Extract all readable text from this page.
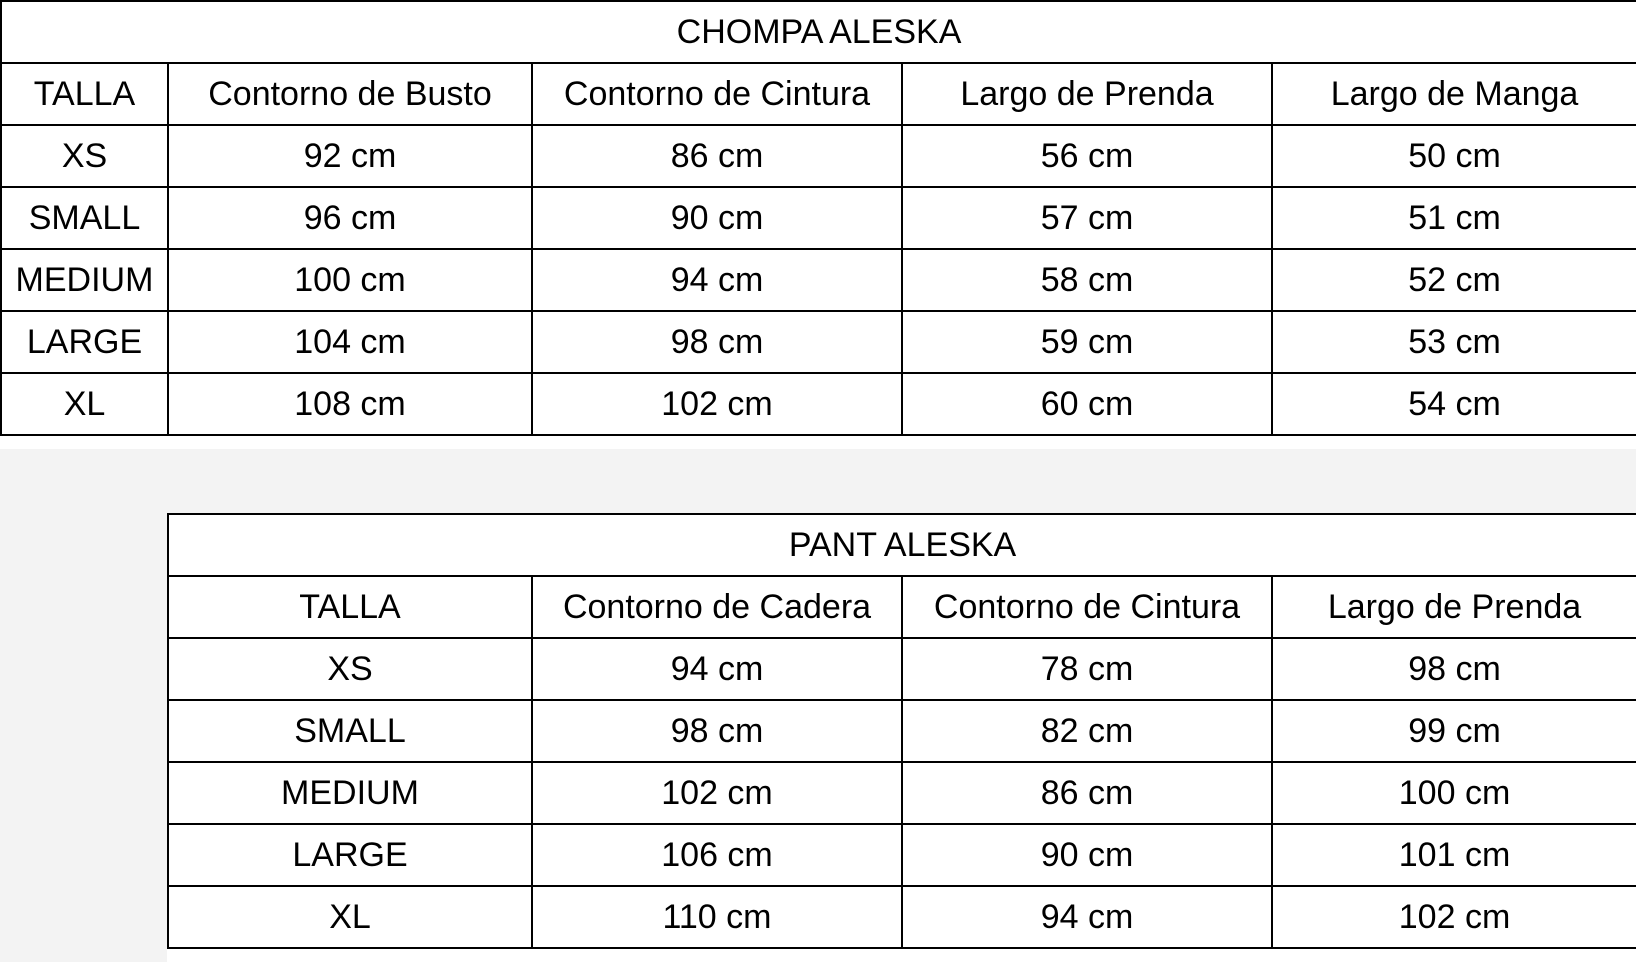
CHOMPA ALESKA				
TALLA	Contorno de Busto	Contorno de Cintura	Largo de Prenda	Largo de Manga
XS	92 cm	86 cm	56 cm	50 cm
SMALL	96 cm	90 cm	57 cm	51 cm
MEDIUM	100 cm	94 cm	58 cm	52 cm
LARGE	104 cm	98 cm	59 cm	53 cm
XL	108 cm	102 cm	60 cm	54 cm
PANT ALESKA			
TALLA	Contorno de Cadera	Contorno de Cintura	Largo de Prenda
XS	94 cm	78 cm	98 cm
SMALL	98 cm	82 cm	99 cm
MEDIUM	102 cm	86 cm	100 cm
LARGE	106 cm	90 cm	101 cm
XL	110 cm	94 cm	102 cm
